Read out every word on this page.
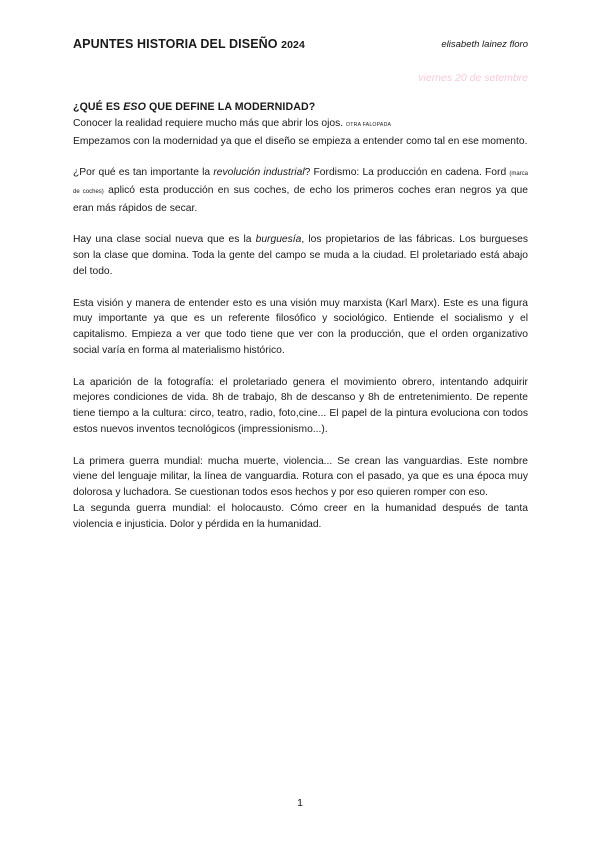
APUNTES HISTORIA DEL DISEÑO 2024	elisabeth lainez floro
viernes 20 de setembre
¿QUÉ ES ESO QUE DEFINE LA MODERNIDAD?

Conocer la realidad requiere mucho más que abrir los ojos. OTRA FALOPADA
Empezamos con la modernidad ya que el diseño se empieza a entender como tal en ese momento.

¿Por qué es tan importante la revolución industrial? Fordismo: La producción en cadena. Ford (marca de coches) aplicó esta producción en sus coches, de echo los primeros coches eran negros ya que eran más rápidos de secar.

Hay una clase social nueva que es la burguesía, los propietarios de las fábricas. Los burgueses son la clase que domina. Toda la gente del campo se muda a la ciudad. El proletariado está abajo del todo.

Esta visión y manera de entender esto es una visión muy marxista (Karl Marx). Este es una figura muy importante ya que es un referente filosófico y sociológico. Entiende el socialismo y el capitalismo. Empieza a ver que todo tiene que ver con la producción, que el orden organizativo social varía en forma al materialismo histórico.

La aparición de la fotografía: el proletariado genera el movimiento obrero, intentando adquirir mejores condiciones de vida. 8h de trabajo, 8h de descanso y 8h de entretenimiento. De repente tiene tiempo a la cultura: circo, teatro, radio, foto,cine... El papel de la pintura evoluciona con todos estos nuevos inventos tecnológicos (impressionismo...).

La primera guerra mundial: mucha muerte, violencia... Se crean las vanguardias. Este nombre viene del lenguaje militar, la línea de vanguardia. Rotura con el pasado, ya que es una época muy dolorosa y luchadora. Se cuestionan todos esos hechos y por eso quieren romper con eso.

La segunda guerra mundial: el holocausto. Cómo creer en la humanidad después de tanta violencia e injusticia. Dolor y pérdida en la humanidad.

1
